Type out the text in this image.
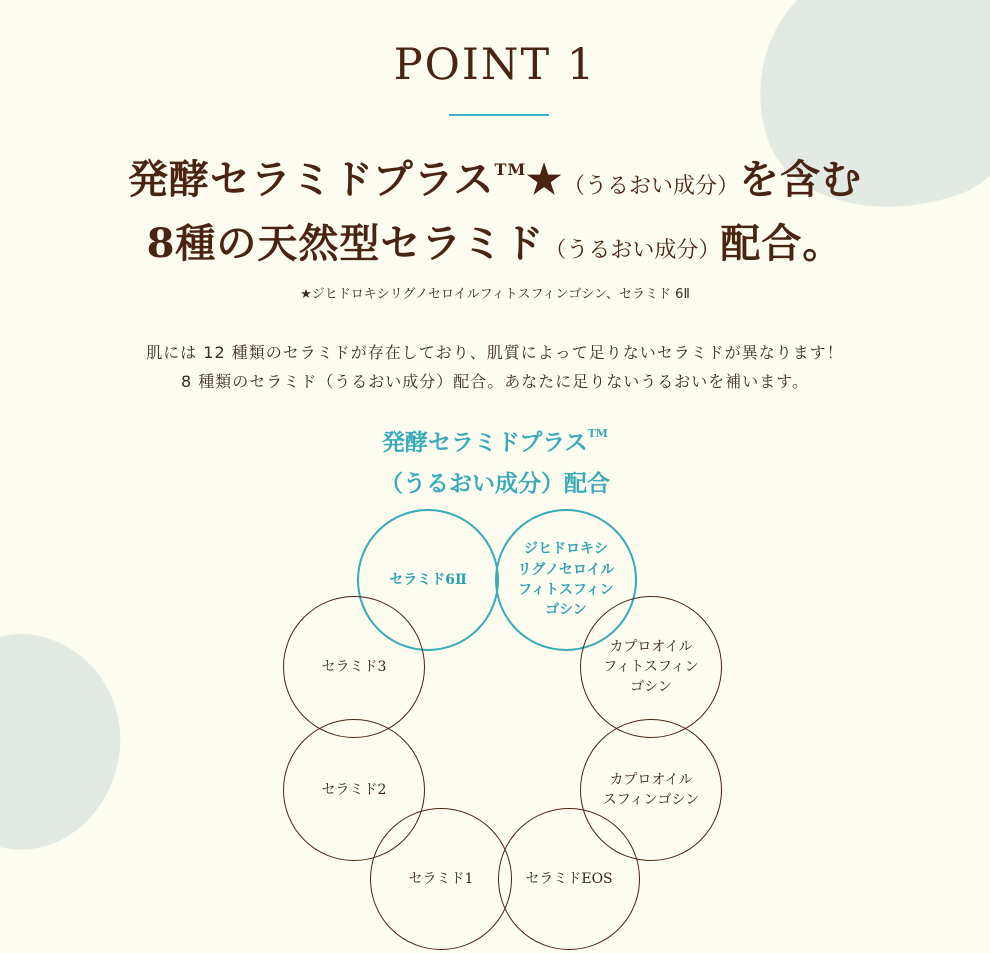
POINT 1
発酵セラミドプラス™★（うるおい成分）を含む
8種の天然型セラミド（うるおい成分）配合。
★ジヒドロキシリグノセロイルフィトスフィンゴシン、セラミド 6Ⅱ
肌には 12 種類のセラミドが存在しており、肌質によって足りないセラミドが異なります！
8 種類のセラミド（うるおい成分）配合。あなたに足りないうるおいを補います。
発酵セラミドプラス™
（うるおい成分）配合
セラミド6Ⅱ
ジヒドロキシ
リグノセロイル
フィトスフィン
ゴシン
セラミド3
カプロオイル
フィトスフィン
ゴシン
セラミド2
カプロオイル
スフィンゴシン
セラミド1	セラミドEOS
